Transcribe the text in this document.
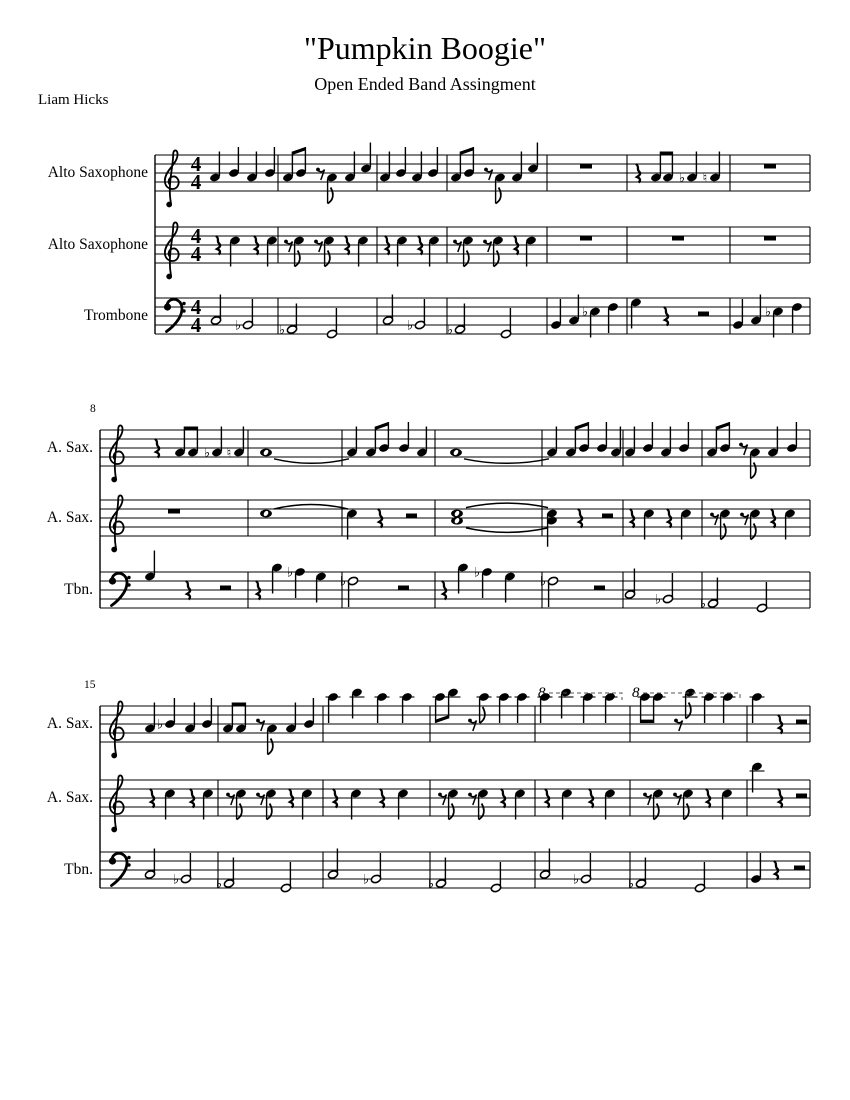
"Pumpkin Boogie"
Open Ended Band Assingment
Liam Hicks
Alto Saxophone
Alto Saxophone
Trombone
A. Sax.
A. Sax.
Tbn.
A. Sax.
A. Sax.
Tbn.
8
15
4
4	♭ ♮
4
4
4
4	♭	♭	♭	♭
♭	♭
♭ ♮
♭
♭
♭
♭
♭	♭
♭
8	8
♭	♭	♭	♭	♭	♭
